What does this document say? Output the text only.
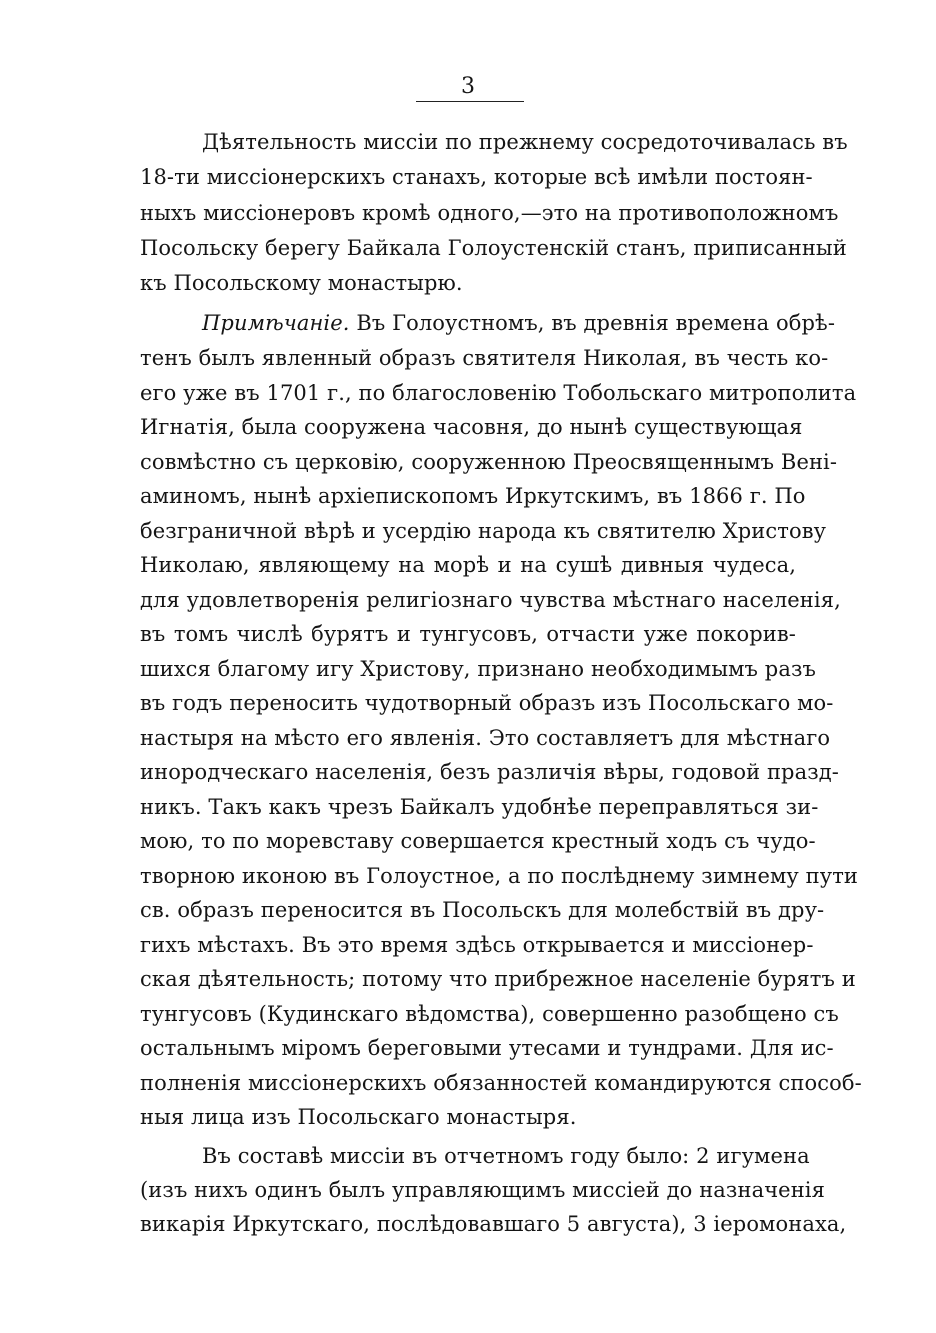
3
Дѣятельность миссіи по прежнему сосредоточивалась въ
18-ти миссіонерскихъ станахъ, которые всѣ имѣли постоян-
ныхъ миссіонеровъ кромѣ одного,—это на противоположномъ
Посольску берегу Байкала Голоустенскій станъ, приписанный
къ Посольскому монастырю.
Примѣчаніе. Въ Голоустномъ, въ древнія времена обрѣ-
тенъ былъ явленный образъ святителя Николая, въ честь ко-
его уже въ 1701 г., по благословенію Тобольскаго митрополита
Игнатія, была сооружена часовня, до нынѣ существующая
совмѣстно съ церковію, сооруженною Преосвященнымъ Вені-
аминомъ, нынѣ архіепископомъ Иркутскимъ, въ 1866 г. По
безграничной вѣрѣ и усердію народа къ святителю Христову
Николаю, являющему на морѣ и на сушѣ дивныя чудеса,
для удовлетворенія религіознаго чувства мѣстнаго населенія,
въ томъ числѣ бурятъ и тунгусовъ, отчасти уже покорив-
шихся благому игу Христову, признано необходимымъ разъ
въ годъ переносить чудотворный образъ изъ Посольскаго мо-
настыря на мѣсто его явленія. Это составляетъ для мѣстнаго
инородческаго населенія, безъ различія вѣры, годовой празд-
никъ. Такъ какъ чрезъ Байкалъ удобнѣе переправляться зи-
мою, то по моревставу совершается крестный ходъ съ чудо-
творною иконою въ Голоустное, а по послѣднему зимнему пути
св. образъ переносится въ Посольскъ для молебствій въ дру-
гихъ мѣстахъ. Въ это время здѣсь открывается и миссіонер-
ская дѣятельность; потому что прибрежное населеніе бурятъ и
тунгусовъ (Кудинскаго вѣдомства), совершенно разобщено съ
остальнымъ міромъ береговыми утесами и тундрами. Для ис-
полненія миссіонерскихъ обязанностей командируются способ-
ныя лица изъ Посольскаго монастыря.
Въ составѣ миссіи въ отчетномъ году было: 2 игумена
(изъ нихъ одинъ былъ управляющимъ миссіей до назначенія
викарія Иркутскаго, послѣдовавшаго 5 августа), 3 іеромонаха,
